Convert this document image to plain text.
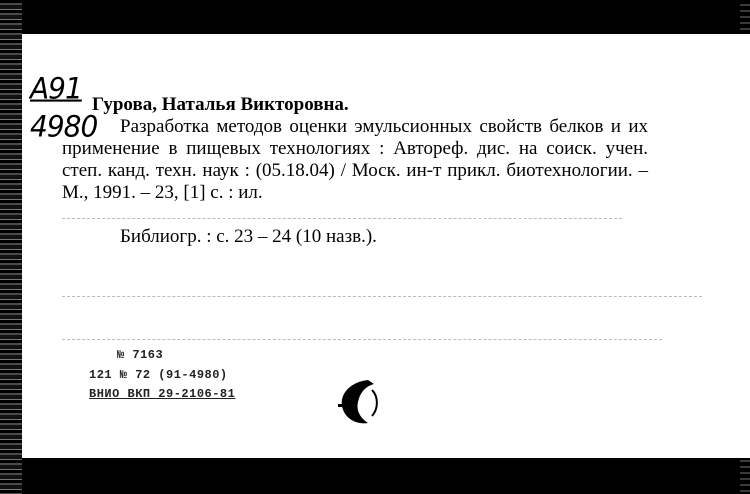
A91
4980
Гурова, Наталья Викторовна.
Разработка методов оценки эмульсионных свойств белков и их применение в пищевых технологиях : Автореф. дис. на соиск. учен. степ. канд. техн. наук : (05.18.04) / Моск. ин-т прикл. биотехнологии. – М., 1991. – 23, [1] с. : ил.
Библиогр. : с. 23 – 24 (10 назв.).
№ 7163
121 № 72 (91-4980)
ВНИО ВКП 29-2106-81
